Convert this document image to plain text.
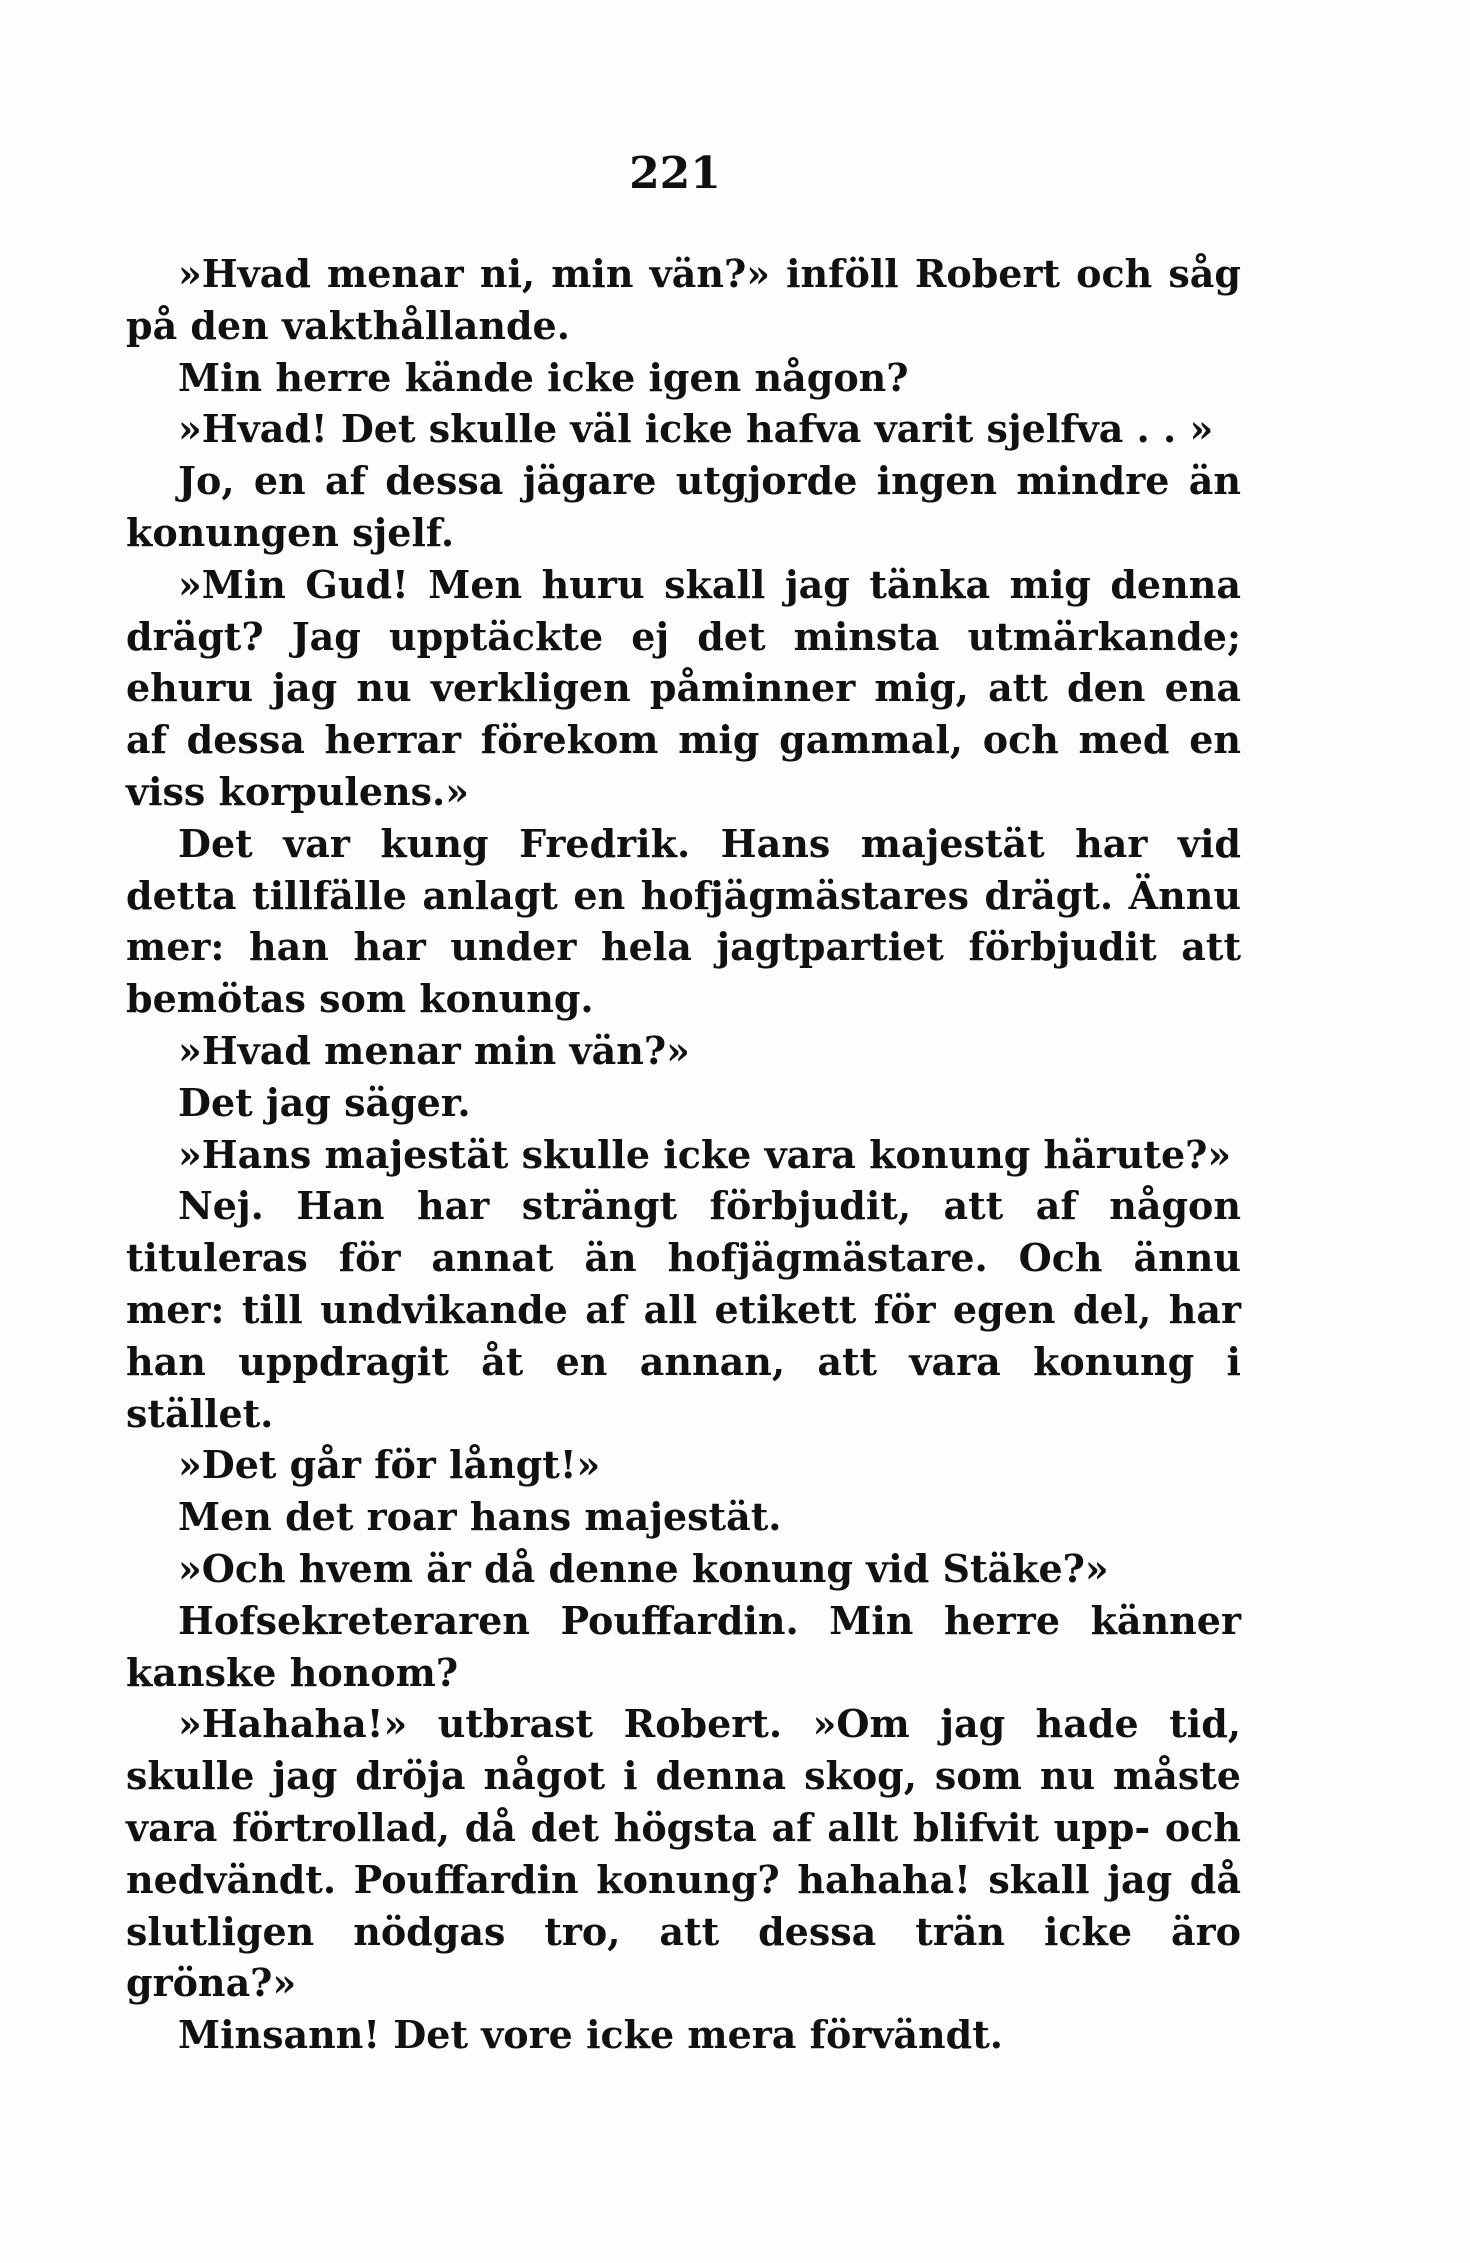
221

»Hvad menar ni, min vän?» inföll Robert och såg på den vakthållande.

Min herre kände icke igen någon?

»Hvad! Det skulle väl icke hafva varit sjelfva . . »

Jo, en af dessa jägare utgjorde ingen mindre än konungen sjelf.

»Min Gud! Men huru skall jag tänka mig denna drägt? Jag upptäckte ej det minsta utmärkande; ehuru jag nu verkligen påminner mig, att den ena af dessa herrar förekom mig gammal, och med en viss korpulens.»

Det var kung Fredrik. Hans majestät har vid detta tillfälle anlagt en hofjägmästares drägt. Ännu mer: han har under hela jagtpartiet förbjudit att bemötas som konung.

»Hvad menar min vän?»

Det jag säger.

»Hans majestät skulle icke vara konung härute?»

Nej. Han har strängt förbjudit, att af någon tituleras för annat än hofjägmästare. Och ännu mer: till undvikande af all etikett för egen del, har han uppdragit åt en annan, att vara konung i stället.

»Det går för långt!»

Men det roar hans majestät.

»Och hvem är då denne konung vid Stäke?»

Hofsekreteraren Pouffardin. Min herre känner kanske honom?

»Hahaha!» utbrast Robert. »Om jag hade tid, skulle jag dröja något i denna skog, som nu måste vara förtrollad, då det högsta af allt blifvit upp- och nedvändt. Pouffardin konung? hahaha! skall jag då slutligen nödgas tro, att dessa trän icke äro gröna?»

Minsann! Det vore icke mera förvändt.
